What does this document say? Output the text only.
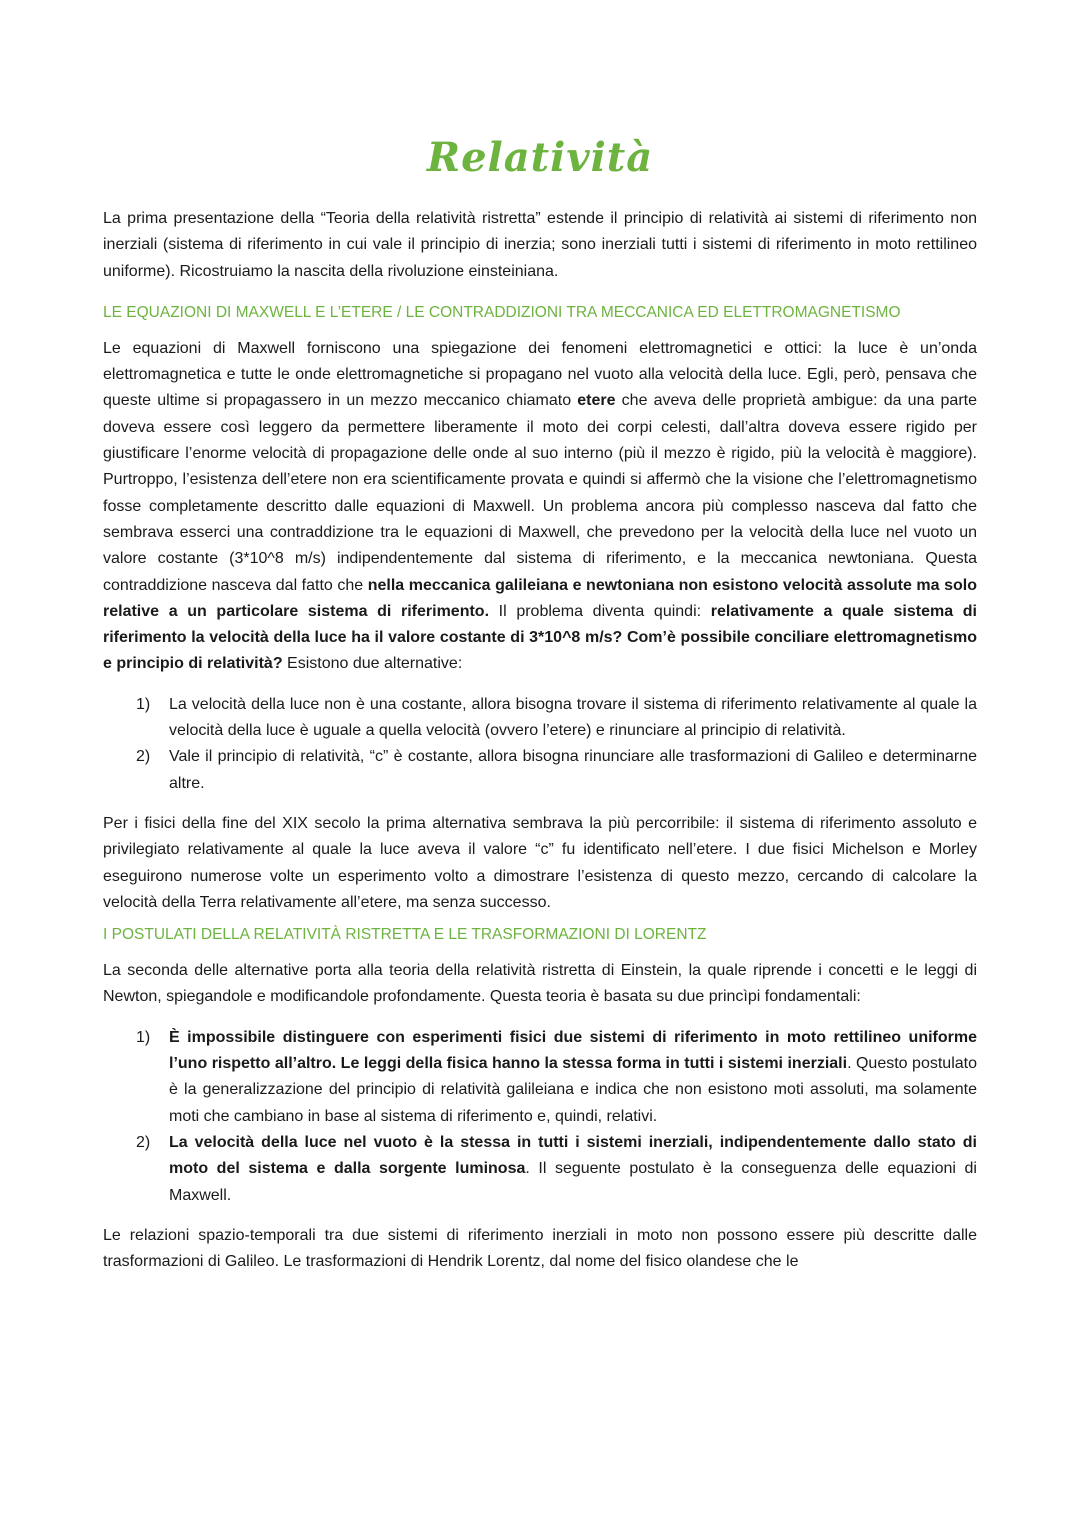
Relatività

La prima presentazione della “Teoria della relatività ristretta” estende il principio di relatività ai sistemi di riferimento non inerziali (sistema di riferimento in cui vale il principio di inerzia; sono inerziali tutti i sistemi di riferimento in moto rettilineo uniforme). Ricostruiamo la nascita della rivoluzione einsteiniana.

LE EQUAZIONI DI MAXWELL E L’ETERE / LE CONTRADDIZIONI TRA MECCANICA ED ELETTROMAGNETISMO

Le equazioni di Maxwell forniscono una spiegazione dei fenomeni elettromagnetici e ottici: la luce è un’onda elettromagnetica e tutte le onde elettromagnetiche si propagano nel vuoto alla velocità della luce. Egli, però, pensava che queste ultime si propagassero in un mezzo meccanico chiamato etere che aveva delle proprietà ambigue: da una parte doveva essere così leggero da permettere liberamente il moto dei corpi celesti, dall’altra doveva essere rigido per giustificare l’enorme velocità di propagazione delle onde al suo interno (più il mezzo è rigido, più la velocità è maggiore). Purtroppo, l’esistenza dell’etere non era scientificamente provata e quindi si affermò che la visione che l’elettromagnetismo fosse completamente descritto dalle equazioni di Maxwell. Un problema ancora più complesso nasceva dal fatto che sembrava esserci una contraddizione tra le equazioni di Maxwell, che prevedono per la velocità della luce nel vuoto un valore costante (3*10^8 m/s) indipendentemente dal sistema di riferimento, e la meccanica newtoniana. Questa contraddizione nasceva dal fatto che nella meccanica galileiana e newtoniana non esistono velocità assolute ma solo relative a un particolare sistema di riferimento. Il problema diventa quindi: relativamente a quale sistema di riferimento la velocità della luce ha il valore costante di 3*10^8 m/s? Com’è possibile conciliare elettromagnetismo e principio di relatività? Esistono due alternative:

1) La velocità della luce non è una costante, allora bisogna trovare il sistema di riferimento relativamente al quale la velocità della luce è uguale a quella velocità (ovvero l’etere) e rinunciare al principio di relatività.
2) Vale il principio di relatività, “c” è costante, allora bisogna rinunciare alle trasformazioni di Galileo e determinarne altre.

Per i fisici della fine del XIX secolo la prima alternativa sembrava la più percorribile: il sistema di riferimento assoluto e privilegiato relativamente al quale la luce aveva il valore “c” fu identificato nell’etere. I due fisici Michelson e Morley eseguirono numerose volte un esperimento volto a dimostrare l’esistenza di questo mezzo, cercando di calcolare la velocità della Terra relativamente all’etere, ma senza successo.

I POSTULATI DELLA RELATIVITÀ RISTRETTA E LE TRASFORMAZIONI DI LORENTZ

La seconda delle alternative porta alla teoria della relatività ristretta di Einstein, la quale riprende i concetti e le leggi di Newton, spiegandole e modificandole profondamente. Questa teoria è basata su due princìpi fondamentali:

1) È impossibile distinguere con esperimenti fisici due sistemi di riferimento in moto rettilineo uniforme l’uno rispetto all’altro. Le leggi della fisica hanno la stessa forma in tutti i sistemi inerziali. Questo postulato è la generalizzazione del principio di relatività galileiana e indica che non esistono moti assoluti, ma solamente moti che cambiano in base al sistema di riferimento e, quindi, relativi.
2) La velocità della luce nel vuoto è la stessa in tutti i sistemi inerziali, indipendentemente dallo stato di moto del sistema e dalla sorgente luminosa. Il seguente postulato è la conseguenza delle equazioni di Maxwell.

Le relazioni spazio-temporali tra due sistemi di riferimento inerziali in moto non possono essere più descritte dalle trasformazioni di Galileo. Le trasformazioni di Hendrik Lorentz, dal nome del fisico olandese che le
